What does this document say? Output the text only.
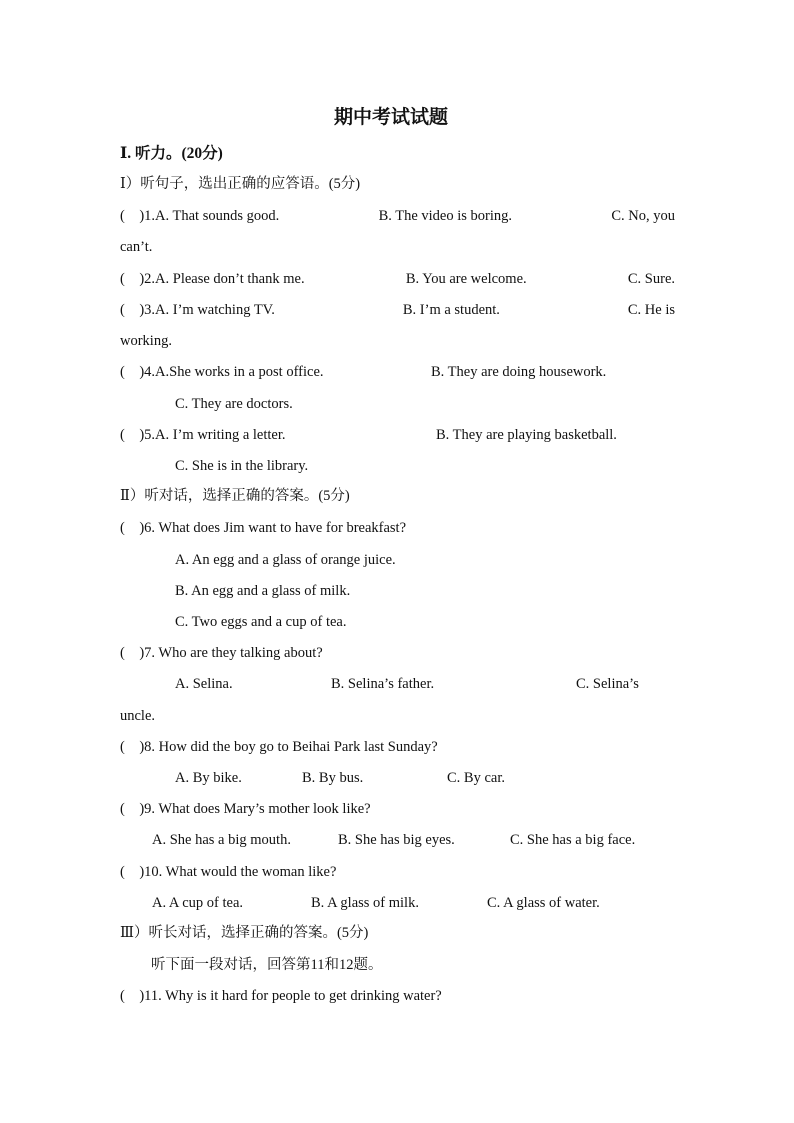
期中考试试题
Ⅰ. 听力。(20分)
Ⅰ）听句子，选出正确的应答语。(5分)
(    )1.A. That sounds good.	B. The video is boring.	C. No, you
can’t.
(    )2.A. Please don’t thank me.	B. You are welcome.	C. Sure.
(    )3.A. I’m watching TV.	B. I’m a student.	C. He is
working.
(    )4.A.She works in a post office.	B. They are doing housework.
C. They are doctors.
(    )5.A. I’m writing a letter.	B. They are playing basketball.
C. She is in the library.
Ⅱ）听对话，选择正确的答案。(5分)
(    )6. What does Jim want to have for breakfast?
A. An egg and a glass of orange juice.
B. An egg and a glass of milk.
C. Two eggs and a cup of tea.
(    )7. Who are they talking about?
A. Selina.	B. Selina’s father.	C. Selina’s
uncle.
(    )8. How did the boy go to Beihai Park last Sunday?
A. By bike.	B. By bus.	C. By car.
(    )9. What does Mary’s mother look like?
A. She has a big mouth.	B. She has big eyes.	C. She has a big face.
(    )10. What would the woman like?
A. A cup of tea.	B. A glass of milk.	C. A glass of water.
Ⅲ）听长对话，选择正确的答案。(5分)
听下面一段对话，回答第11和12题。
(    )11. Why is it hard for people to get drinking water?
